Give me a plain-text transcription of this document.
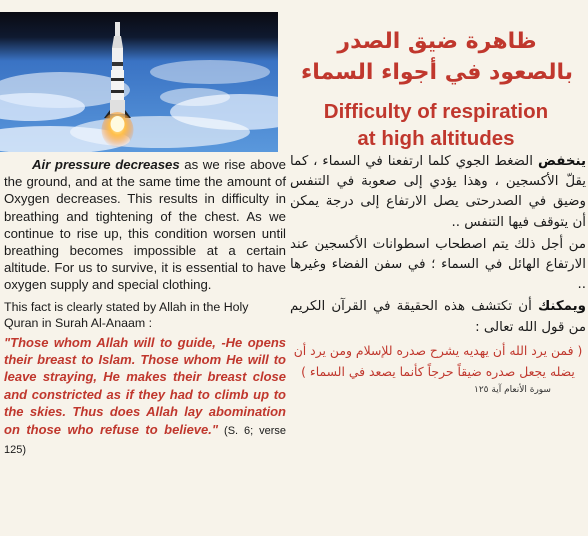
ظاهرة ضيق الصدر
بالصعود في أجواء السماء
Difficulty of respiration
at high altitudes

Air pressure decreases as we rise above the ground, and at the same time the amount of Oxygen decreases. This results in difficulty in breathing and tightening of the chest. As we continue to rise up, this condition worsen until breathing becomes impossible at a certain altitude. For us to survive, it is essential to have oxygen supply and special clothing.

This fact is clearly stated by Allah in the Holy Quran in Surah Al-Anaam :

"Those whom Allah will to guide, -He opens their breast to Islam. Those whom He will to leave straying, He makes their breast close and constricted as if they had to climb up to the skies. Thus does Allah lay abomination on those who refuse to believe." (S. 6; verse 125)

ينخفض الضغط الجوي كلما ارتفعنا في السماء ، كما يقلّ الأكسجين ، وهذا يؤدي إلى صعوبة في التنفس وضيق في الصدرحتى يصل الارتفاع إلى درجة يمكن أن يتوقف فيها التنفس ..

من أجل ذلك يتم اصطحاب اسطوانات الأكسجين عند الارتفاع الهائل في السماء ؛ في سفن الفضاء وغيرها ..

ويمكنك أن تكتشف هذه الحقيقة في القرآن الكريم من قول الله تعالى :

( فمن يرد الله أن يهديه يشرح صدره للإسلام ومن يرد أن يضله يجعل صدره ضيقاً حرجاً كأنما يصعد في السماء )

سورة الأنعام آية ١٢٥
